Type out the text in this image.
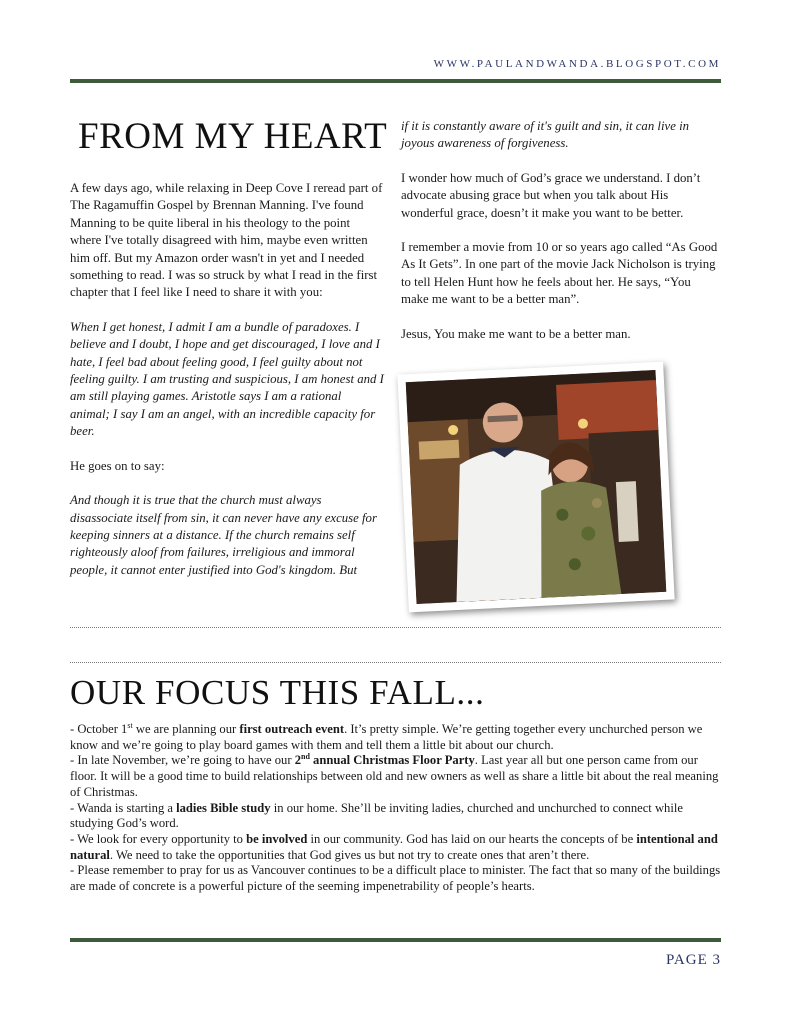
WWW.PAULANDWANDA.BLOGSPOT.COM
FROM MY HEART

A few days ago, while relaxing in Deep Cove I reread part of The Ragamuffin Gospel by Brennan Manning. I've found Manning to be quite liberal in his theology to the point where I've totally disagreed with him, maybe even written him off. But my Amazon order wasn't in yet and I needed something to read. I was so struck by what I read in the first chapter that I feel like I need to share it with you:

When I get honest, I admit I am a bundle of paradoxes. I believe and I doubt, I hope and get discouraged, I love and I hate, I feel bad about feeling good, I feel guilty about not feeling guilty. I am trusting and suspicious, I am honest and I am still playing games. Aristotle says I am a rational animal; I say I am an angel, with an incredible capacity for beer.

He goes on to say:

And though it is true that the church must always disassociate itself from sin, it can never have any excuse for keeping sinners at a distance. If the church remains self righteously aloof from failures, irreligious and immoral people, it cannot enter justified into God's kingdom. But

if it is constantly aware of it's guilt and sin, it can live in joyous awareness of forgiveness.

I wonder how much of God’s grace we understand. I don’t advocate abusing grace but when you talk about His wonderful grace, doesn’t it make you want to be better.

I remember a movie from 10 or so years ago called “As Good As It Gets”. In one part of the movie Jack Nicholson is trying to tell Helen Hunt how he feels about her. He says, “You make me want to be a better man”.

Jesus, You make me want to be a better man.

OUR FOCUS THIS FALL...

- October 1st we are planning our first outreach event. It’s pretty simple. We’re getting together every unchurched person we know and we’re going to play board games with them and tell them a little bit about our church.

- In late November, we’re going to have our 2nd annual Christmas Floor Party. Last year all but one person came from our floor. It will be a good time to build relationships between old and new owners as well as share a little bit about the real meaning of Christmas.

- Wanda is starting a ladies Bible study in our home. She’ll be inviting ladies, churched and unchurched to connect while studying God’s word.

- We look for every opportunity to be involved in our community. God has laid on our hearts the concepts of be intentional and natural. We need to take the opportunities that God gives us but not try to create ones that aren’t there.

- Please remember to pray for us as Vancouver continues to be a difficult place to minister. The fact that so many of the buildings are made of concrete is a powerful picture of the seeming impenetrability of people’s hearts.

PAGE 3
